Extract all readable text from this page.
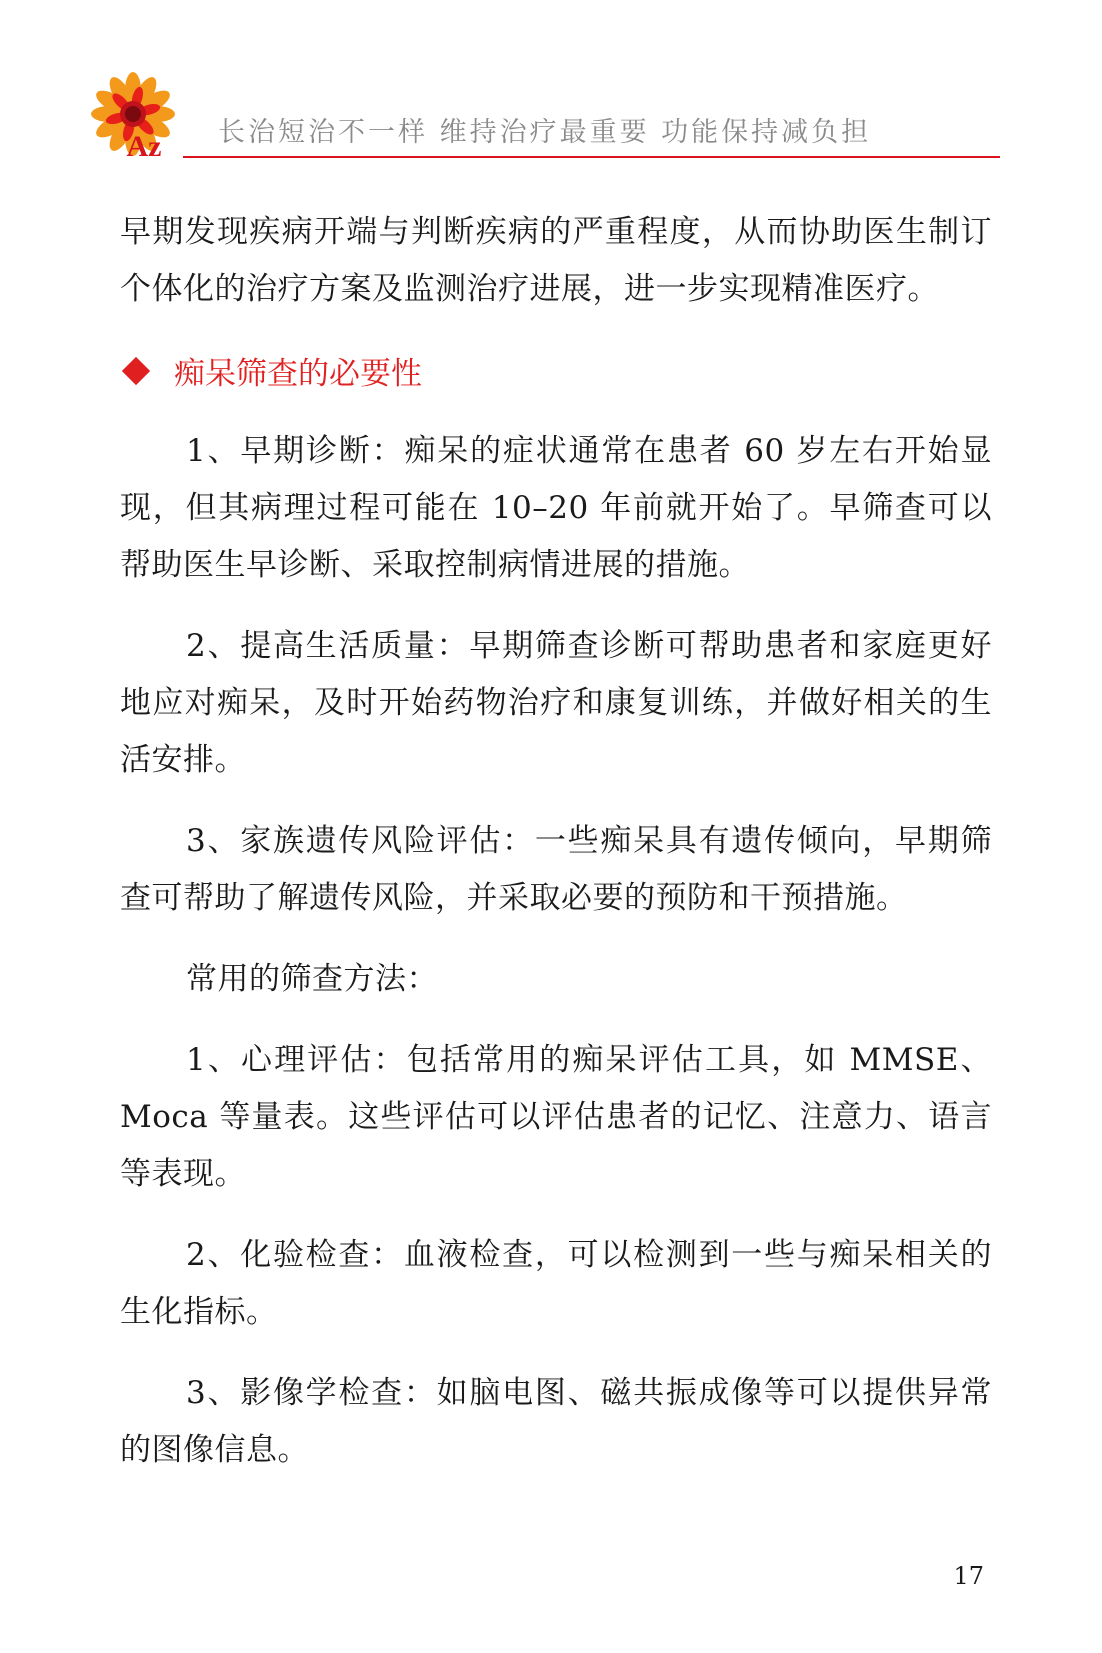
Az 长治短治不一样 维持治疗最重要 功能保持减负担

早期发现疾病开端与判断疾病的严重程度，从而协助医生制订个体化的治疗方案及监测治疗进展，进一步实现精准医疗。

痴呆筛查的必要性

1、早期诊断：痴呆的症状通常在患者 60 岁左右开始显现，但其病理过程可能在 10–20 年前就开始了。早筛查可以帮助医生早诊断、采取控制病情进展的措施。

2、提高生活质量：早期筛查诊断可帮助患者和家庭更好地应对痴呆，及时开始药物治疗和康复训练，并做好相关的生活安排。

3、家族遗传风险评估：一些痴呆具有遗传倾向，早期筛查可帮助了解遗传风险，并采取必要的预防和干预措施。

常用的筛查方法：

1、心理评估：包括常用的痴呆评估工具，如 MMSE、Moca 等量表。这些评估可以评估患者的记忆、注意力、语言等表现。

2、化验检查：血液检查，可以检测到一些与痴呆相关的生化指标。

3、影像学检查：如脑电图、磁共振成像等可以提供异常的图像信息。

17
